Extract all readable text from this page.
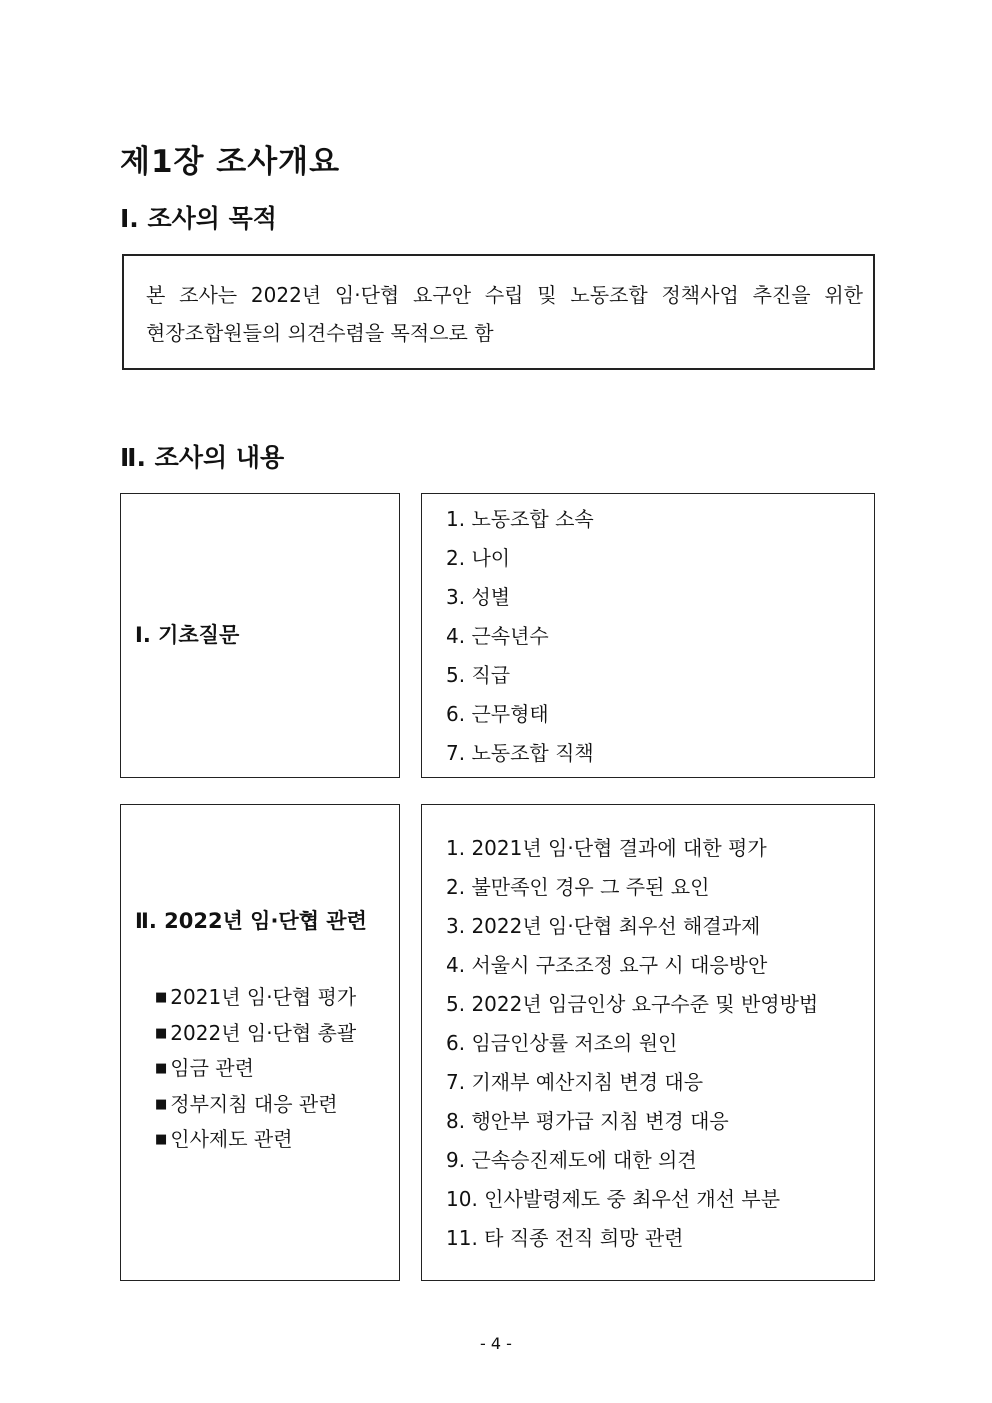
제1장 조사개요
Ⅰ. 조사의 목적
본 조사는 2022년 임·단협 요구안 수립 및 노동조합 정책사업 추진을 위한
현장조합원들의 의견수렴을 목적으로 함
Ⅱ. 조사의 내용
Ⅰ. 기초질문
1. 노동조합 소속
2. 나이
3. 성별
4. 근속년수
5. 직급
6. 근무형태
7. 노동조합 직책
Ⅱ. 2022년 임·단협 관련
■ 2021년 임·단협 평가
■ 2022년 임·단협 총괄
■ 임금 관련
■ 정부지침 대응 관련
■ 인사제도 관련
1. 2021년 임·단협 결과에 대한 평가
2. 불만족인 경우 그 주된 요인
3. 2022년 임·단협 최우선 해결과제
4. 서울시 구조조정 요구 시 대응방안
5. 2022년 임금인상 요구수준 및 반영방법
6. 임금인상률 저조의 원인
7. 기재부 예산지침 변경 대응
8. 행안부 평가급 지침 변경 대응
9. 근속승진제도에 대한 의견
10. 인사발령제도 중 최우선 개선 부분
11. 타 직종 전직 희망 관련
- 4 -
